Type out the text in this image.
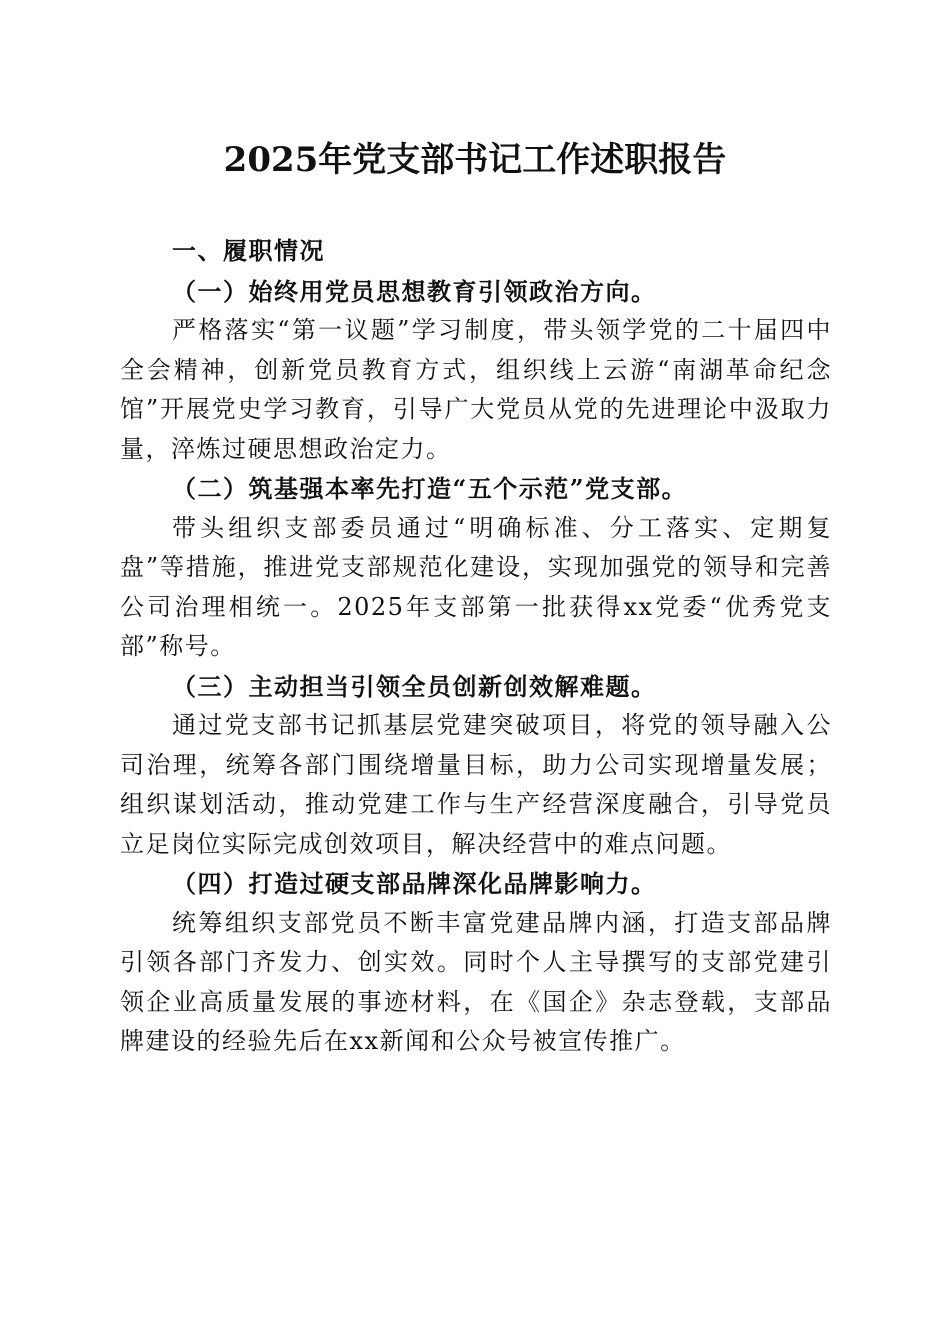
2025年党支部书记工作述职报告

一、履职情况

（一）始终用党员思想教育引领政治方向。

严格落实“第一议题”学习制度，带头领学党的二十届四中全会精神，创新党员教育方式，组织线上云游“南湖革命纪念馆”开展党史学习教育，引导广大党员从党的先进理论中汲取力量，淬炼过硬思想政治定力。

（二）筑基强本率先打造“五个示范”党支部。

带头组织支部委员通过“明确标准、分工落实、定期复盘”等措施，推进党支部规范化建设，实现加强党的领导和完善公司治理相统一。2025年支部第一批获得xx党委“优秀党支部”称号。

（三）主动担当引领全员创新创效解难题。

通过党支部书记抓基层党建突破项目，将党的领导融入公司治理，统筹各部门围绕增量目标，助力公司实现增量发展；组织谋划活动，推动党建工作与生产经营深度融合，引导党员立足岗位实际完成创效项目，解决经营中的难点问题。

（四）打造过硬支部品牌深化品牌影响力。

统筹组织支部党员不断丰富党建品牌内涵，打造支部品牌引领各部门齐发力、创实效。同时个人主导撰写的支部党建引领企业高质量发展的事迹材料，在《国企》杂志登载，支部品牌建设的经验先后在xx新闻和公众号被宣传推广。
